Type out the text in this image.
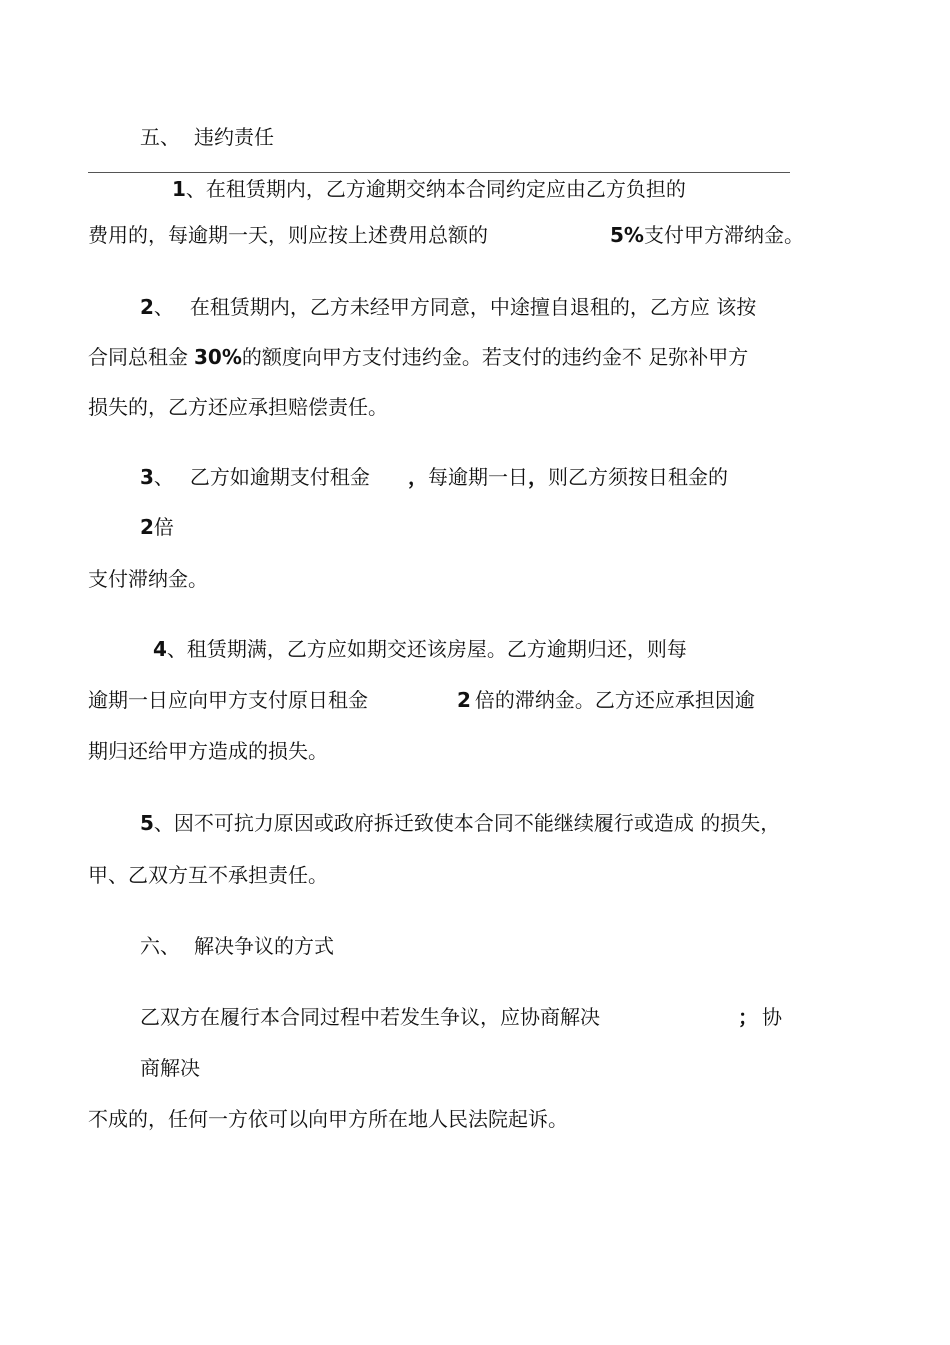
五、 违约责任
1、在租赁期内，乙方逾期交纳本合同约定应由乙方负担的
费用的，每逾期一天，则应按上述费用总额的	5%支付甲方滞纳金。
2、 在租赁期内，乙方未经甲方同意，中途擅自退租的，乙方应 该按
合同总租金 30%的额度向甲方支付违约金。若支付的违约金不 足弥补甲方
损失的，乙方还应承担赔偿责任。
3、 乙方如逾期支付租金 ，每逾期一日，则乙方须按日租金的
2倍
支付滞纳金。
4、租赁期满，乙方应如期交还该房屋。乙方逾期归还，则每
逾期一日应向甲方支付原日租金	2 倍的滞纳金。乙方还应承担因逾
期归还给甲方造成的损失。
5、因不可抗力原因或政府拆迁致使本合同不能继续履行或造成 的损失，
甲、乙双方互不承担责任。
六、 解决争议的方式
乙双方在履行本合同过程中若发生争议，应协商解决	； 协
商解决
不成的，任何一方依可以向甲方所在地人民法院起诉。
